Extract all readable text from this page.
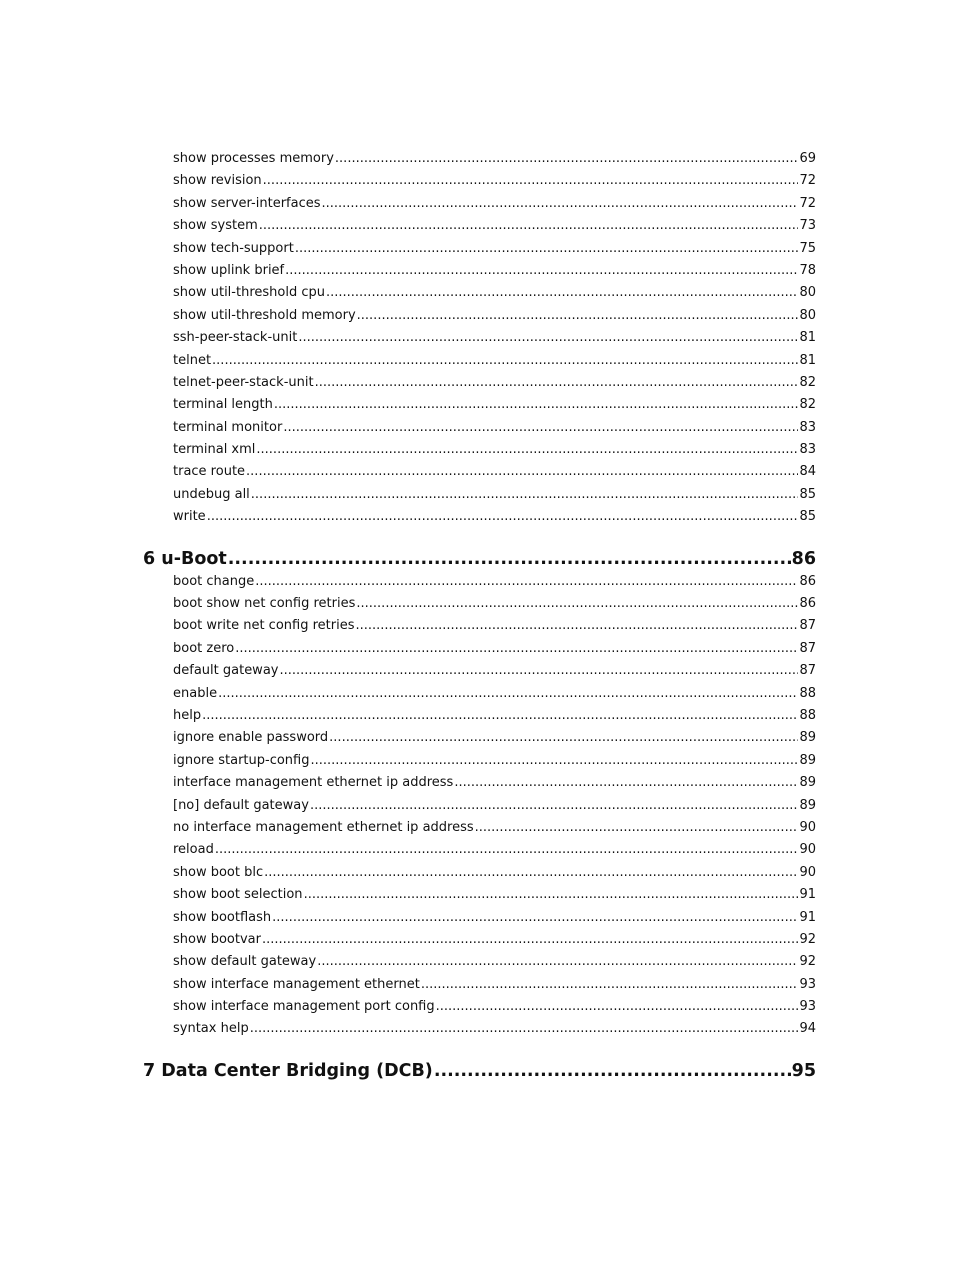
show processes memory .....	69
show revision .....	72
show server-interfaces .....	72
show system .....	73
show tech-support .....	75
show uplink brief .....	78
show util-threshold cpu .....	80
show util-threshold memory .....	80
ssh-peer-stack-unit .....	81
telnet .....	81
telnet-peer-stack-unit .....	82
terminal length .....	82
terminal monitor .....	83
terminal xml .....	83
trace route .....	84
undebug all .....	85
write .....	85
6 u-Boot .....	86
boot change .....	86
boot show net config retries .....	86
boot write net config retries .....	87
boot zero .....	87
default gateway .....	87
enable .....	88
help .....	88
ignore enable password .....	89
ignore startup-config .....	89
interface management ethernet ip address .....	89
[no] default gateway .....	89
no interface management ethernet ip address .....	90
reload .....	90
show boot blc .....	90
show boot selection .....	91
show bootflash .....	91
show bootvar .....	92
show default gateway .....	92
show interface management ethernet .....	93
show interface management port config .....	93
syntax help .....	94
7 Data Center Bridging (DCB) .....	95
